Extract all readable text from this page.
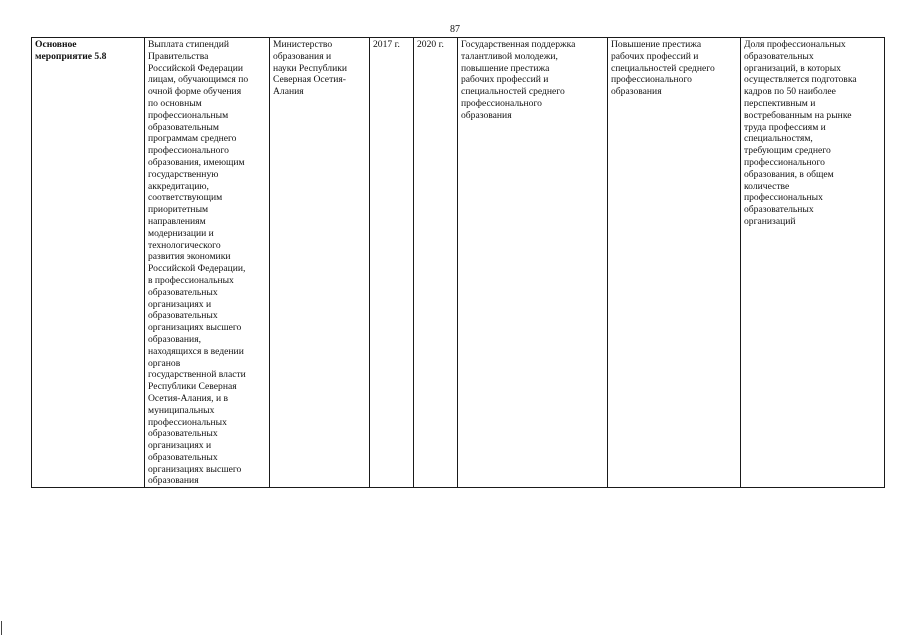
87
Основное
мероприятие 5.8

Выплата стипендий
Правительства
Российской Федерации
лицам, обучающимся по
очной форме обучения
по основным
профессиональным
образовательным
программам среднего
профессионального
образования, имеющим
государственную
аккредитацию,
соответствующим
приоритетным
направлениям
модернизации и
технологического
развития экономики
Российской Федерации,
в профессиональных
образовательных
организациях и
образовательных
организациях высшего
образования,
находящихся в ведении
органов
государственной власти
Республики Северная
Осетия-Алания, и в
муниципальных
профессиональных
образовательных
организациях и
образовательных
организациях высшего
образования

Министерство
образования и
науки Республики
Северная Осетия-
Алания
	2017 г.	2020 г.	Государственная поддержка
талантливой молодежи,
повышение престижа
рабочих профессий и
специальностей среднего
профессионального
образования

Повышение престижа
рабочих профессий и
специальностей среднего
профессионального
образования

Доля профессиональных
образовательных
организаций, в которых
осуществляется подготовка
кадров по 50 наиболее
перспективным и
востребованным на рынке
труда профессиям и
специальностям,
требующим среднего
профессионального
образования, в общем
количестве
профессиональных
образовательных
организаций
